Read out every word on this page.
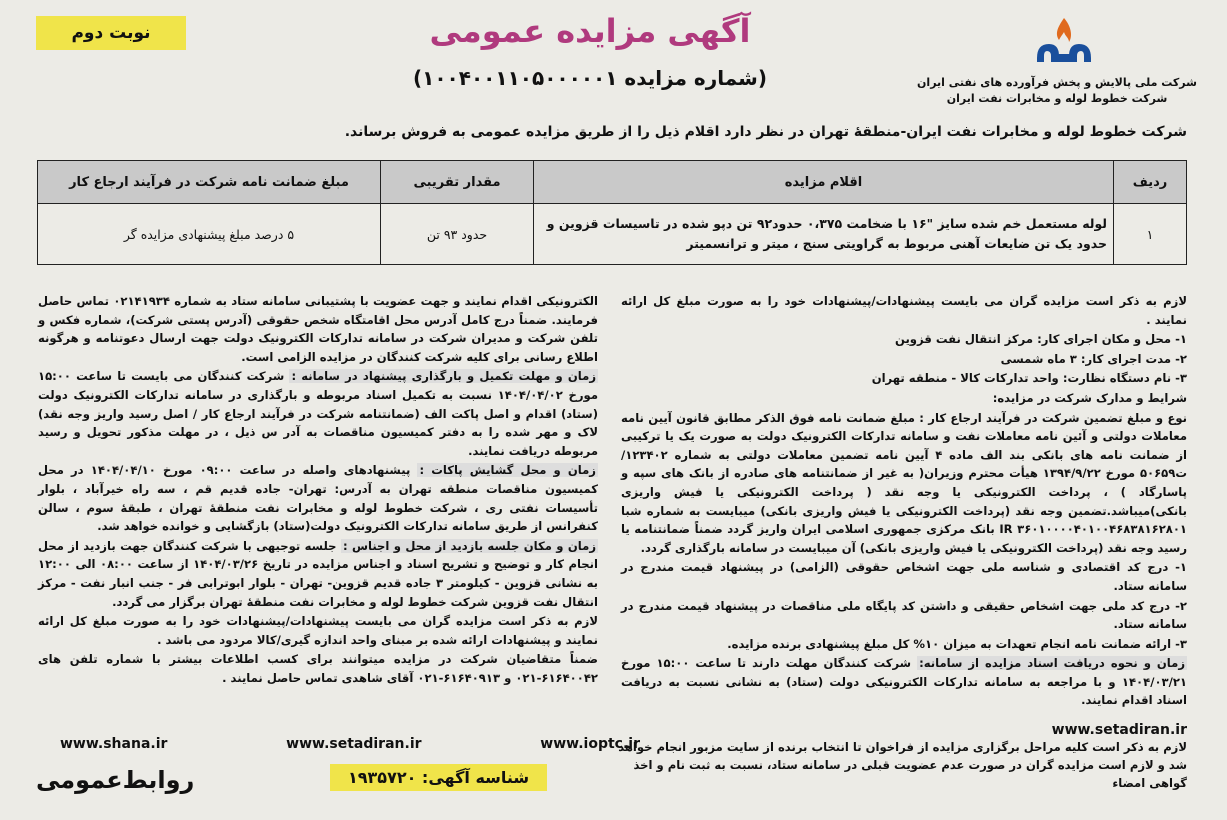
نوبت دوم
شرکت ملی پالایش و پخش فرآورده های نفتی ایران
شرکت خطوط لوله و مخابرات نفت ایران
آگهی مزایده عمومی
(شماره مزایده ۱۰۰۴۰۰۱۱۰۵۰۰۰۰۰۱)
شرکت خطوط لوله و مخابرات نفت ایران-منطقهٔ تهران در نظر دارد اقلام ذیل را از طریق مزایده عمومی به فروش برساند.
ردیف	اقلام مزایده	مقدار تقریبی	مبلغ ضمانت نامه شرکت در فرآیند ارجاع کار
۱	لوله مستعمل خم شده سایز "۱۶ با ضخامت ۰،۳۷۵ حدود۹۲ تن دپو شده در تاسیسات قزوین و حدود یک تن ضایعات آهنی مربوط به گراویتی سنج ، میتر و ترانسمیتر	حدود ۹۳ تن	۵ درصد مبلغ پیشنهادی مزایده گر

لازم به ذکر است مزایده گران می بایست پیشنهادات/پیشنهادات خود را به صورت مبلغ کل ارائه نمایند .

۱- محل و مکان اجرای کار: مرکز انتقال نفت قزوین

۲- مدت اجرای کار: ۳ ماه شمسی

۳- نام دستگاه نظارت: واحد تدارکات کالا - منطقه تهران

شرایط و مدارک شرکت در مزایده:

نوع و مبلغ تضمین شرکت در فرآیند ارجاع کار : مبلغ ضمانت نامه فوق الذکر مطابق قانون آیین نامه معاملات دولتی و آئین نامه معاملات نفت و سامانه تدارکات الکترونیک دولت به صورت یک یا ترکیبی از ضمانت نامه های بانکی بند الف ماده ۴ آیین نامه تضمین معاملات دولتی به شماره ۱۲۳۴۰۲/ت۵۰۶۵۹ مورخ ۱۳۹۴/۹/۲۲ هیأت محترم وزیران( به غیر از ضمانتنامه های صادره از بانک های سپه و پاسارگاد ) ، پرداخت الکترونیکی یا وجه نقد ( پرداخت الکترونیکی یا فیش واریزی بانکی)میباشد.تضمین وجه نقد (پرداخت الکترونیکی یا فیش واریزی بانکی) میبایست به شماره شبا IR ۳۶۰۱۰۰۰۰۴۰۱۰۰۴۶۸۳۸۱۶۲۸۰۱ بانک مرکزی جمهوری اسلامی ایران واریز گردد ضمناً ضمانتنامه یا رسید وجه نقد (پرداخت الکترونیکی یا فیش واریزی بانکی) آن میبایست در سامانه بارگذاری گردد.

۱- درج کد اقتصادی و شناسه ملی جهت اشخاص حقوقی (الزامی) در پیشنهاد قیمت مندرج در سامانه ستاد.

۲- درج کد ملی جهت اشخاص حقیقی و داشتن کد پایگاه ملی مناقصات در پیشنهاد قیمت مندرج در سامانه ستاد.

۳- ارائه ضمانت نامه انجام تعهدات به میزان ۱۰% کل مبلغ پیشنهادی برنده مزایده.

زمان و نحوه دریافت اسناد مزایده از سامانه: شرکت کنندگان مهلت دارند تا ساعت ۱۵:۰۰ مورخ ۱۴۰۴/۰۳/۲۱ و با مراجعه به سامانه تدارکات الکترونیکی دولت (ستاد) به نشانی نسبت به دریافت اسناد اقدام نمایند.

www.setadiran.ir

الکترونیکی اقدام نمایند و جهت عضویت با پشتیبانی سامانه ستاد به شماره ۰۲۱۴۱۹۳۴ تماس حاصل فرمایند. ضمناً درج کامل آدرس محل اقامتگاه شخص حقوقی (آدرس پستی شرکت)، شماره فکس و تلفن شرکت و مدیران شرکت در سامانه تدارکات الکترونیک دولت جهت ارسال دعوتنامه و هرگونه اطلاع رسانی برای کلیه شرکت کنندگان در مزایده الزامی است.

زمان و مهلت تکمیل و بارگذاری پیشنهاد در سامانه : شرکت کنندگان می بایست تا ساعت ۱۵:۰۰ مورخ ۱۴۰۴/۰۴/۰۲ نسبت به تکمیل اسناد مربوطه و بارگذاری در سامانه تدارکات الکترونیک دولت (ستاد) اقدام و اصل پاکت الف (ضمانتنامه شرکت در فرآیند ارجاع کار / اصل رسید واریز وجه نقد) لاک و مهر شده را به دفتر کمیسیون مناقصات به آدر س ذیل ، در مهلت مذکور تحویل و رسید مربوطه دریافت نمایند.

زمان و محل گشایش پاکات : پیشنهادهای واصله در ساعت ۰۹:۰۰ مورخ ۱۴۰۴/۰۴/۱۰ در محل کمیسیون مناقصات منطقه تهران به آدرس: تهران- جاده قدیم قم ، سه راه خیرآباد ، بلوار تأسیسات نفتی ری ، شرکت خطوط لوله و مخابرات نفت منطقهٔ تهران ، طبقهٔ سوم ، سالن کنفرانس از طریق سامانه تدارکات الکترونیک دولت(ستاد) بازگشایی و خوانده خواهد شد.

زمان و مکان جلسه بازدید از محل و اجناس : جلسه توجیهی با شرکت کنندگان جهت بازدید از محل انجام کار و توضیح و تشریح اسناد و اجناس مزایده در تاریخ ۱۴۰۴/۰۳/۲۶ از ساعت ۰۸:۰۰ الی ۱۲:۰۰ به نشانی قزوین - کیلومتر ۳ جاده قدیم قزوین- تهران - بلوار ابوترابی فر - جنب انبار نفت - مرکز انتقال نفت قزوین شرکت خطوط لوله و مخابرات نفت منطقهٔ تهران برگزار می گردد.

لازم به ذکر است مزایده گران می بایست پیشنهادات/پیشنهادات خود را به صورت مبلغ کل ارائه نمایند و پیشنهادات ارائه شده بر مبنای واحد اندازه گیری/کالا مردود می باشد .

ضمناً متقاضیان شرکت در مزایده میتوانند برای کسب اطلاعات بیشتر با شماره تلفن های ۶۱۶۴۰۰۴۲-۰۲۱ و ۶۱۶۴۰۹۱۳-۰۲۱ آقای شاهدی تماس حاصل نمایند .

www.shana.ir	www.setadiran.ir	www.ioptc.ir
شناسه آگهی: ۱۹۳۵۷۲۰
روابط‌عمومی
لازم به ذکر است کلیه مراحل برگزاری مزایده از فراخوان تا انتخاب برنده از سایت مزبور انجام خواهد شد و لازم است مزایده گران در صورت عدم عضویت قبلی در سامانه ستاد، نسبت به ثبت نام و اخذ گواهی امضاء
